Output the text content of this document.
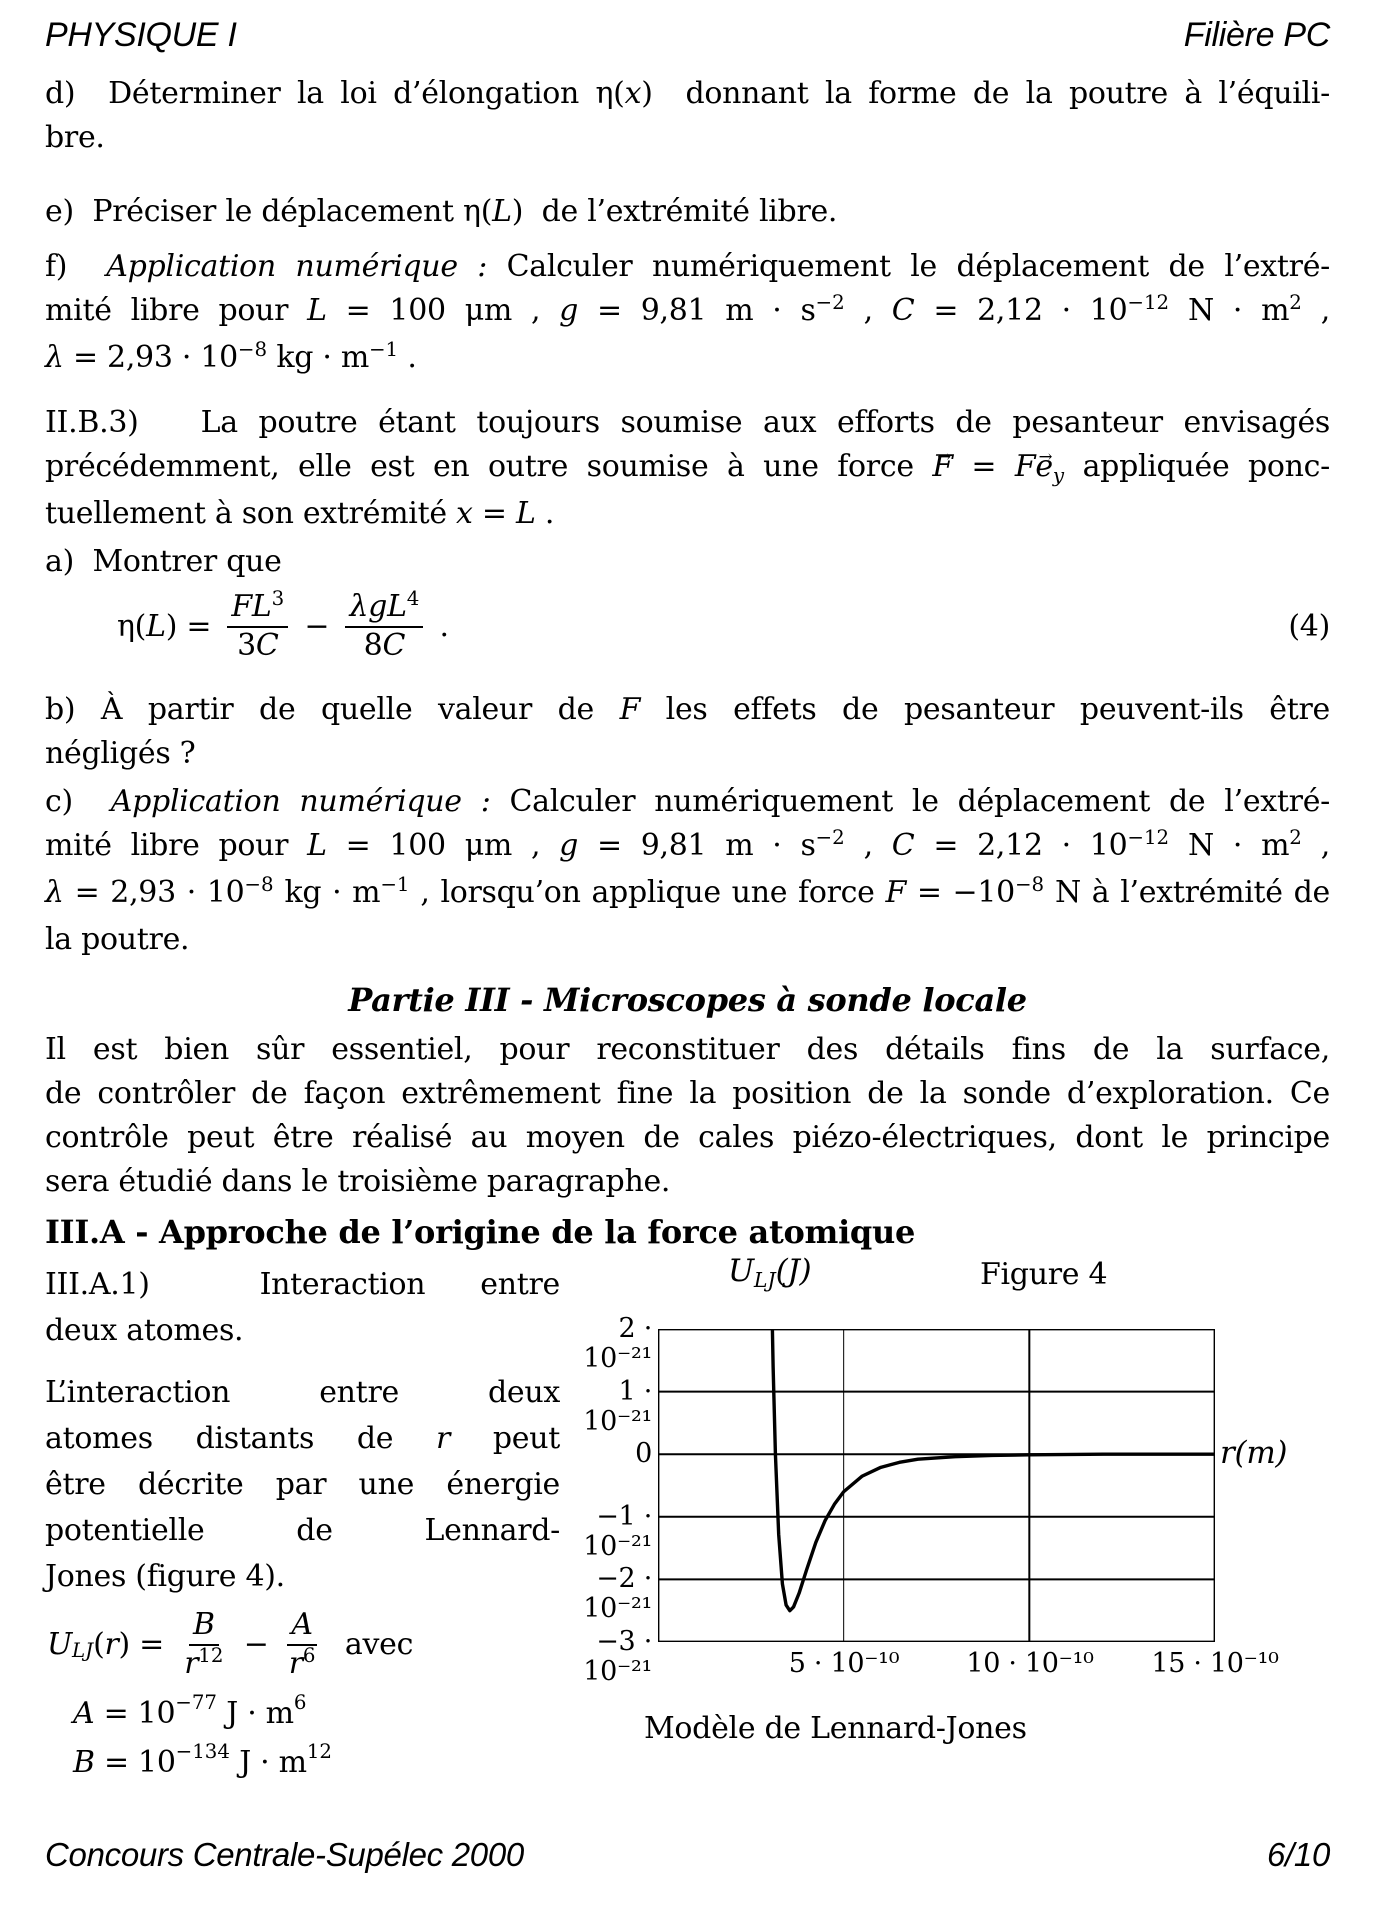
PHYSIQUE I	Filière PC
d)  Déterminer la loi d’élongation η(x)  donnant la forme de la poutre à l’équili-
bre.
e)  Préciser le déplacement η(L)  de l’extrémité libre.
f)  Application numérique : Calculer numériquement le déplacement de l’extré-
mité libre pour L = 100 μm , g = 9,81 $m \cdot s^{-2}$ , $C = 2,12 \cdot 10^{-12}$ $N \cdot m^2$ ,
$\lambda = 2,93 \cdot 10^{-8}$ kg · $m^{-1}$ .
II.B.3)   La poutre étant toujours soumise aux efforts de pesanteur envisagés
précédemment, elle est en outre soumise à une force F → = Fe →y appliquée ponc-
tuellement à son extrémité x = L .
a)  Montrer que
η( L ) = $\frac{FL^3}{3C} - \frac{\lambda gL^4}{8C}$ .	(4)
b) À partir de quelle valeur de F les effets de pesanteur peuvent-ils être
négligés ?
c)  Application numérique : Calculer numériquement le déplacement de l’extré-
mité libre pour L = 100 μm , g = 9,81 $m \cdot s^{-2}$ , $C = 2,12 \cdot 10^{-12}$ $N \cdot m^2$ ,
$\lambda = 2,93 \cdot 10^{-8}$ kg · $m^{-1}$ , lorsqu’on applique une force $F = -10^{-8}$ N à l’extrémité de
la poutre.
Partie III - Microscopes à sonde locale
Il est bien sûr essentiel, pour reconstituer des détails fins de la surface,
de contrôler de façon extrêmement fine la position de la sonde d’exploration. Ce
contrôle peut être réalisé au moyen de cales piézo-électriques, dont le principe
sera étudié dans le troisième paragraphe.
III.A - Approche de l’origine de la force atomique
III.A.1)  Interaction entre
deux atomes.
L’interaction entre deux
atomes distants de r peut
être décrite par une énergie
potentielle de Lennard-
Jones (figure 4).
U LJ ( r ) = $\frac{B}{r^{12}} - \frac{A}{r^6}$ avec
A = 10 −77 J · m 6
B = 10 −134 J · m 12
ULJ(J)	Figure 4
2 · 10⁻²¹
1 · 10⁻²¹
0
−1 · 10⁻²¹
−2 · 10⁻²¹
−3 · 10⁻²¹	5 · 10⁻¹⁰	10 · 10⁻¹⁰	15 · 10⁻¹⁰
r(m)
Modèle de Lennard-Jones
Concours Centrale-Supélec 2000	6/10
